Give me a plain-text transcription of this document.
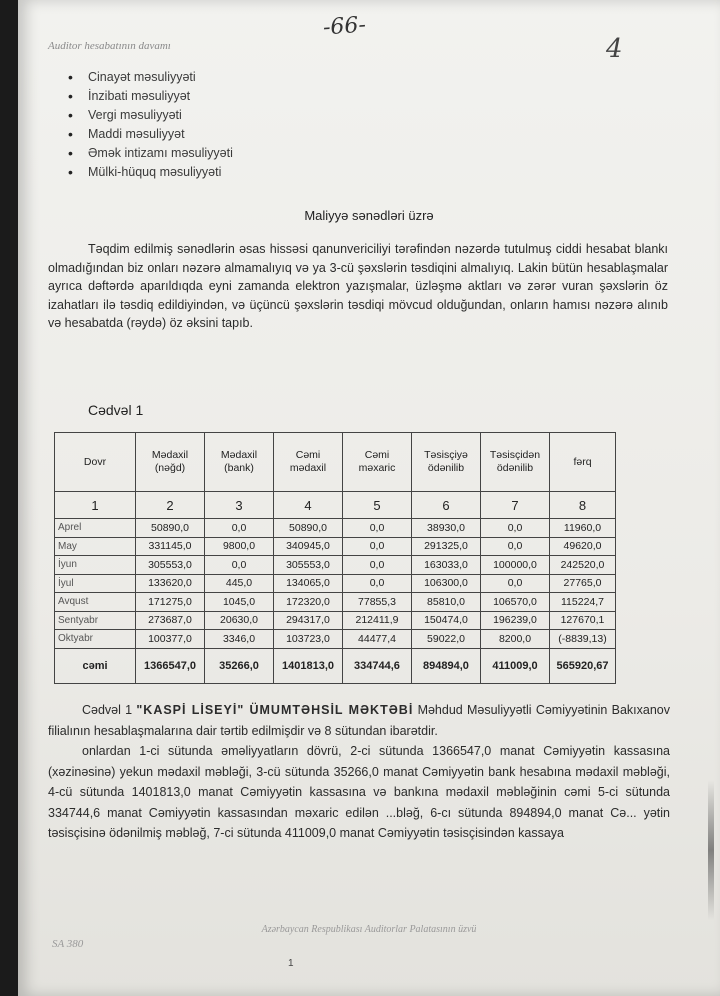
Auditor hesabatının davamı
-66-
4
• Cinayət məsuliyyəti
• İnzibati məsuliyyət
• Vergi məsuliyyəti
• Maddi məsuliyyət
• Əmək intizamı məsuliyyəti
• Mülki-hüquq məsuliyyəti
Maliyyə sənədləri üzrə
Təqdim edilmiş sənədlərin əsas hissəsi qanunvericiliyi tərəfindən nəzərdə tutulmuş ciddi hesabat blankı olmadığından biz onları nəzərə almamalıyıq və ya 3-cü şəxslərin təsdiqini almalıyıq. Lakin bütün hesablaşmalar ayrıca dəftərdə aparıldıqda eyni zamanda elektron yazışmalar, üzləşmə aktları və zərər vuran şəxslərin öz izahatları ilə təsdiq edildiyindən, və üçüncü şəxslərin təsdiqi mövcud olduğundan, onların hamısı nəzərə alınıb və hesabatda (rəydə) öz əksini tapıb.
Cədvəl 1
Dovr	Mədaxil (nəğd)	Mədaxil (bank)	Cəmi mədaxil	Cəmi məxaric	Təsisçiyə ödənilib	Təsisçidən ödənilib	fərq
1	2	3	4	5	6	7	8
Aprel	50890,0	0,0	50890,0	0,0	38930,0	0,0	11960,0
May	331145,0	9800,0	340945,0	0,0	291325,0	0,0	49620,0
İyun	305553,0	0,0	305553,0	0,0	163033,0	100000,0	242520,0
İyul	133620,0	445,0	134065,0	0,0	106300,0	0,0	27765,0
Avqust	171275,0	1045,0	172320,0	77855,3	85810,0	106570,0	115224,7
Sentyabr	273687,0	20630,0	294317,0	212411,9	150474,0	196239,0	127670,1
Oktyabr	100377,0	3346,0	103723,0	44477,4	59022,0	8200,0	(-8839,13)
cəmi	1366547,0	35266,0	1401813,0	334744,6	894894,0	411009,0	565920,67
Cədvəl 1 "KASPİ LİSEYİ" ÜMUMTƏHSİL MƏKTƏBİ Məhdud Məsuliyyətli Cəmiyyətinin Bakıxanov filialının hesablaşmalarına dair tərtib edilmişdir və 8 sütundan ibarətdir.
onlardan 1-ci sütunda əməliyyatların dövrü, 2-ci sütunda 1366547,0 manat Cəmiyyətin kassasına (xəzinəsinə) yekun mədaxil məbləği, 3-cü sütunda 35266,0 manat Cəmiyyətin bank hesabına mədaxil məbləği, 4-cü sütunda 1401813,0 manat Cəmiyyətin kassasına və bankına mədaxil məbləğinin cəmi 5-ci sütunda 334744,6 manat Cəmiyyətin kassasından məxaric edilən ...bləğ, 6-cı sütunda 894894,0 manat Cə... yətin təsisçisinə ödənilmiş məbləğ, 7-ci sütunda 411009,0 manat Cəmiyyətin təsisçisindən kassaya
Azərbaycan Respublikası Auditorlar Palatasının üzvü
SA 380
1
